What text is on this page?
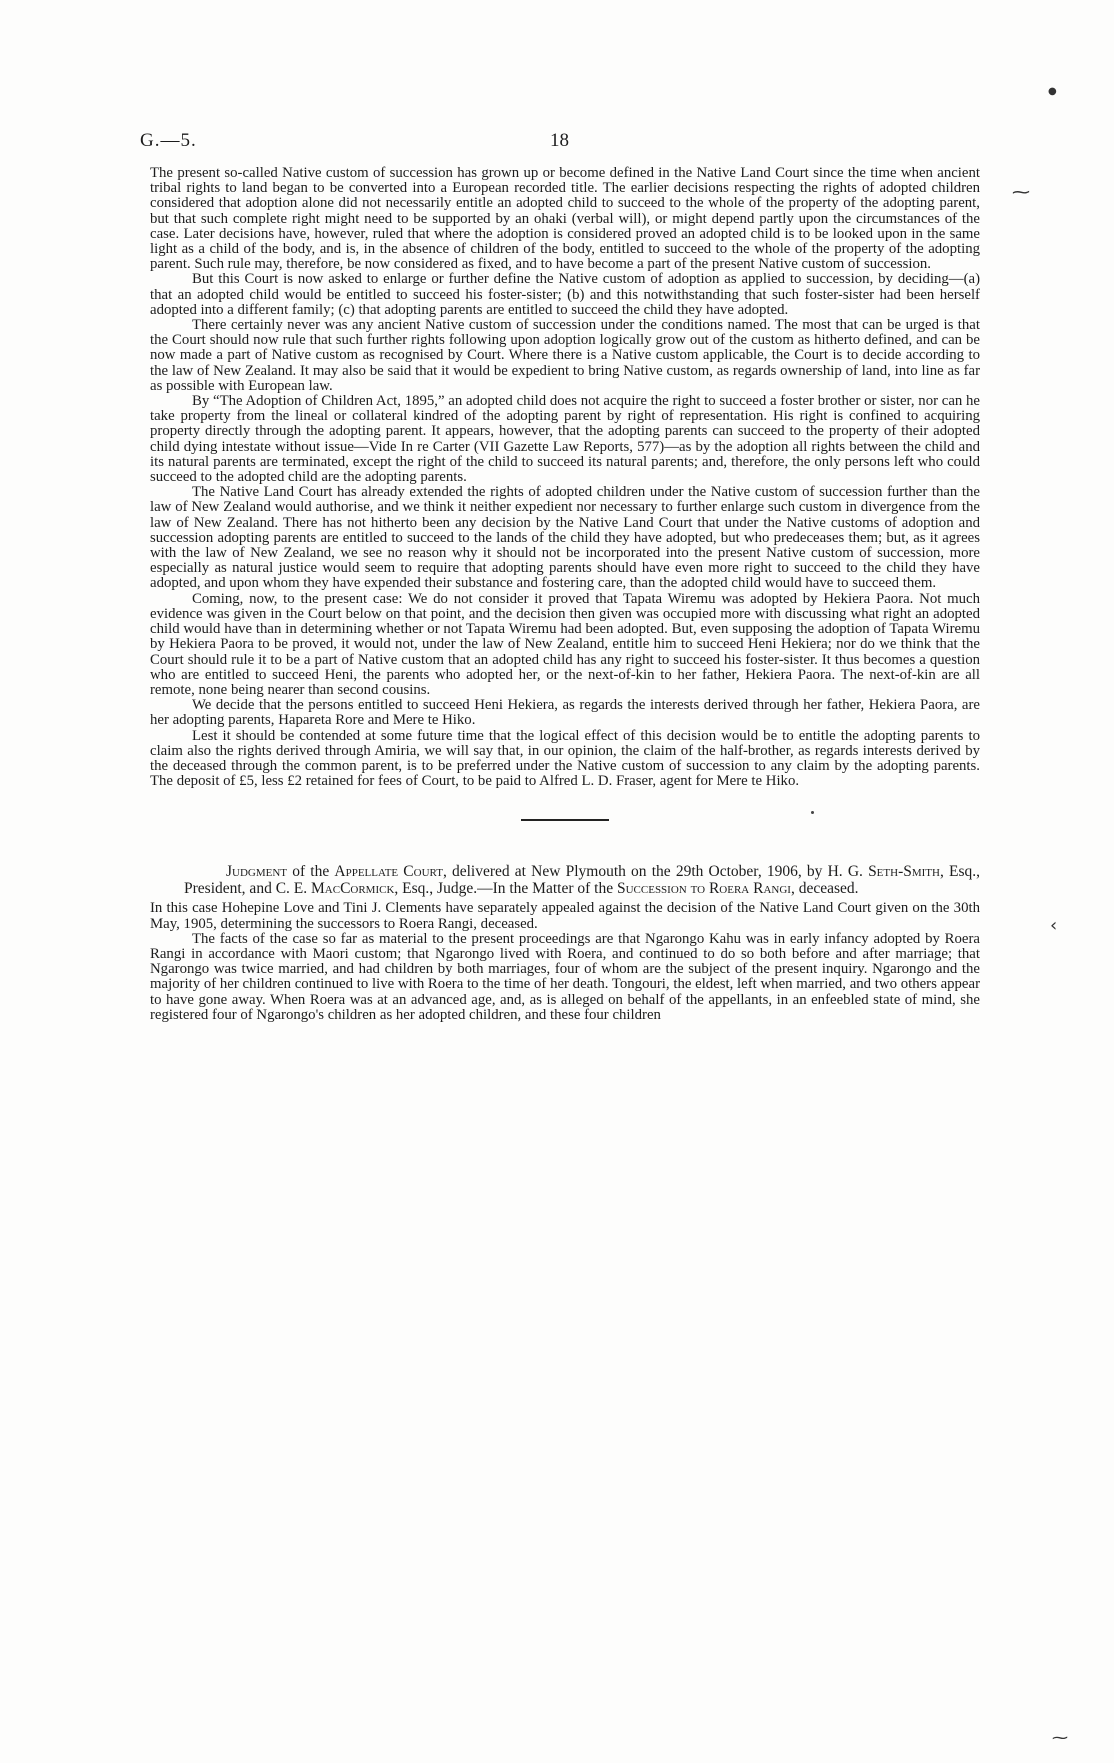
G.—5.	18
⁓
‹
●
⁓

The present so-called Native custom of succession has grown up or become defined in the Native Land Court since the time when ancient tribal rights to land began to be converted into a European recorded title. The earlier decisions respecting the rights of adopted children considered that adoption alone did not necessarily entitle an adopted child to succeed to the whole of the property of the adopting parent, but that such complete right might need to be supported by an ohaki (verbal will), or might depend partly upon the circumstances of the case. Later decisions have, however, ruled that where the adoption is considered proved an adopted child is to be looked upon in the same light as a child of the body, and is, in the absence of children of the body, entitled to succeed to the whole of the property of the adopting parent. Such rule may, therefore, be now considered as fixed, and to have become a part of the present Native custom of succession.

But this Court is now asked to enlarge or further define the Native custom of adoption as applied to succession, by deciding—(a) that an adopted child would be entitled to succeed his foster-sister; (b) and this notwithstanding that such foster-sister had been herself adopted into a different family; (c) that adopting parents are entitled to succeed the child they have adopted.

There certainly never was any ancient Native custom of succession under the conditions named. The most that can be urged is that the Court should now rule that such further rights following upon adoption logically grow out of the custom as hitherto defined, and can be now made a part of Native custom as recognised by Court. Where there is a Native custom applicable, the Court is to decide according to the law of New Zealand. It may also be said that it would be expedient to bring Native custom, as regards ownership of land, into line as far as possible with European law.

By “The Adoption of Children Act, 1895,” an adopted child does not acquire the right to succeed a foster brother or sister, nor can he take property from the lineal or collateral kindred of the adopting parent by right of representation. His right is confined to acquiring property directly through the adopting parent. It appears, however, that the adopting parents can succeed to the property of their adopted child dying intestate without issue—Vide In re Carter (VII Gazette Law Reports, 577)—as by the adoption all rights between the child and its natural parents are terminated, except the right of the child to succeed its natural parents; and, therefore, the only persons left who could succeed to the adopted child are the adopting parents.

The Native Land Court has already extended the rights of adopted children under the Native custom of succession further than the law of New Zealand would authorise, and we think it neither expedient nor necessary to further enlarge such custom in divergence from the law of New Zealand. There has not hitherto been any decision by the Native Land Court that under the Native customs of adoption and succession adopting parents are entitled to succeed to the lands of the child they have adopted, but who predeceases them; but, as it agrees with the law of New Zealand, we see no reason why it should not be incorporated into the present Native custom of succession, more especially as natural justice would seem to require that adopting parents should have even more right to succeed to the child they have adopted, and upon whom they have expended their substance and fostering care, than the adopted child would have to succeed them.

Coming, now, to the present case: We do not consider it proved that Tapata Wiremu was adopted by Hekiera Paora. Not much evidence was given in the Court below on that point, and the decision then given was occupied more with discussing what right an adopted child would have than in determining whether or not Tapata Wiremu had been adopted. But, even supposing the adoption of Tapata Wiremu by Hekiera Paora to be proved, it would not, under the law of New Zealand, entitle him to succeed Heni Hekiera; nor do we think that the Court should rule it to be a part of Native custom that an adopted child has any right to succeed his foster-sister. It thus becomes a question who are entitled to succeed Heni, the parents who adopted her, or the next-of-kin to her father, Hekiera Paora. The next-of-kin are all remote, none being nearer than second cousins.

We decide that the persons entitled to succeed Heni Hekiera, as regards the interests derived through her father, Hekiera Paora, are her adopting parents, Hapareta Rore and Mere te Hiko.

Lest it should be contended at some future time that the logical effect of this decision would be to entitle the adopting parents to claim also the rights derived through Amiria, we will say that, in our opinion, the claim of the half-brother, as regards interests derived by the deceased through the common parent, is to be preferred under the Native custom of succession to any claim by the adopting parents. The deposit of £5, less £2 retained for fees of Court, to be paid to Alfred L. D. Fraser, agent for Mere te Hiko.

Judgment of the Appellate Court, delivered at New Plymouth on the 29th October, 1906, by H. G. Seth-Smith, Esq., President, and C. E. MacCormick, Esq., Judge.—In the Matter of the Succession to Roera Rangi, deceased.

In this case Hohepine Love and Tini J. Clements have separately appealed against the decision of the Native Land Court given on the 30th May, 1905, determining the successors to Roera Rangi, deceased.

The facts of the case so far as material to the present proceedings are that Ngarongo Kahu was in early infancy adopted by Roera Rangi in accordance with Maori custom; that Ngarongo lived with Roera, and continued to do so both before and after marriage; that Ngarongo was twice married, and had children by both marriages, four of whom are the subject of the present inquiry. Ngarongo and the majority of her children continued to live with Roera to the time of her death. Tongouri, the eldest, left when married, and two others appear to have gone away. When Roera was at an advanced age, and, as is alleged on behalf of the appellants, in an enfeebled state of mind, she registered four of Ngarongo's children as her adopted children, and these four children
